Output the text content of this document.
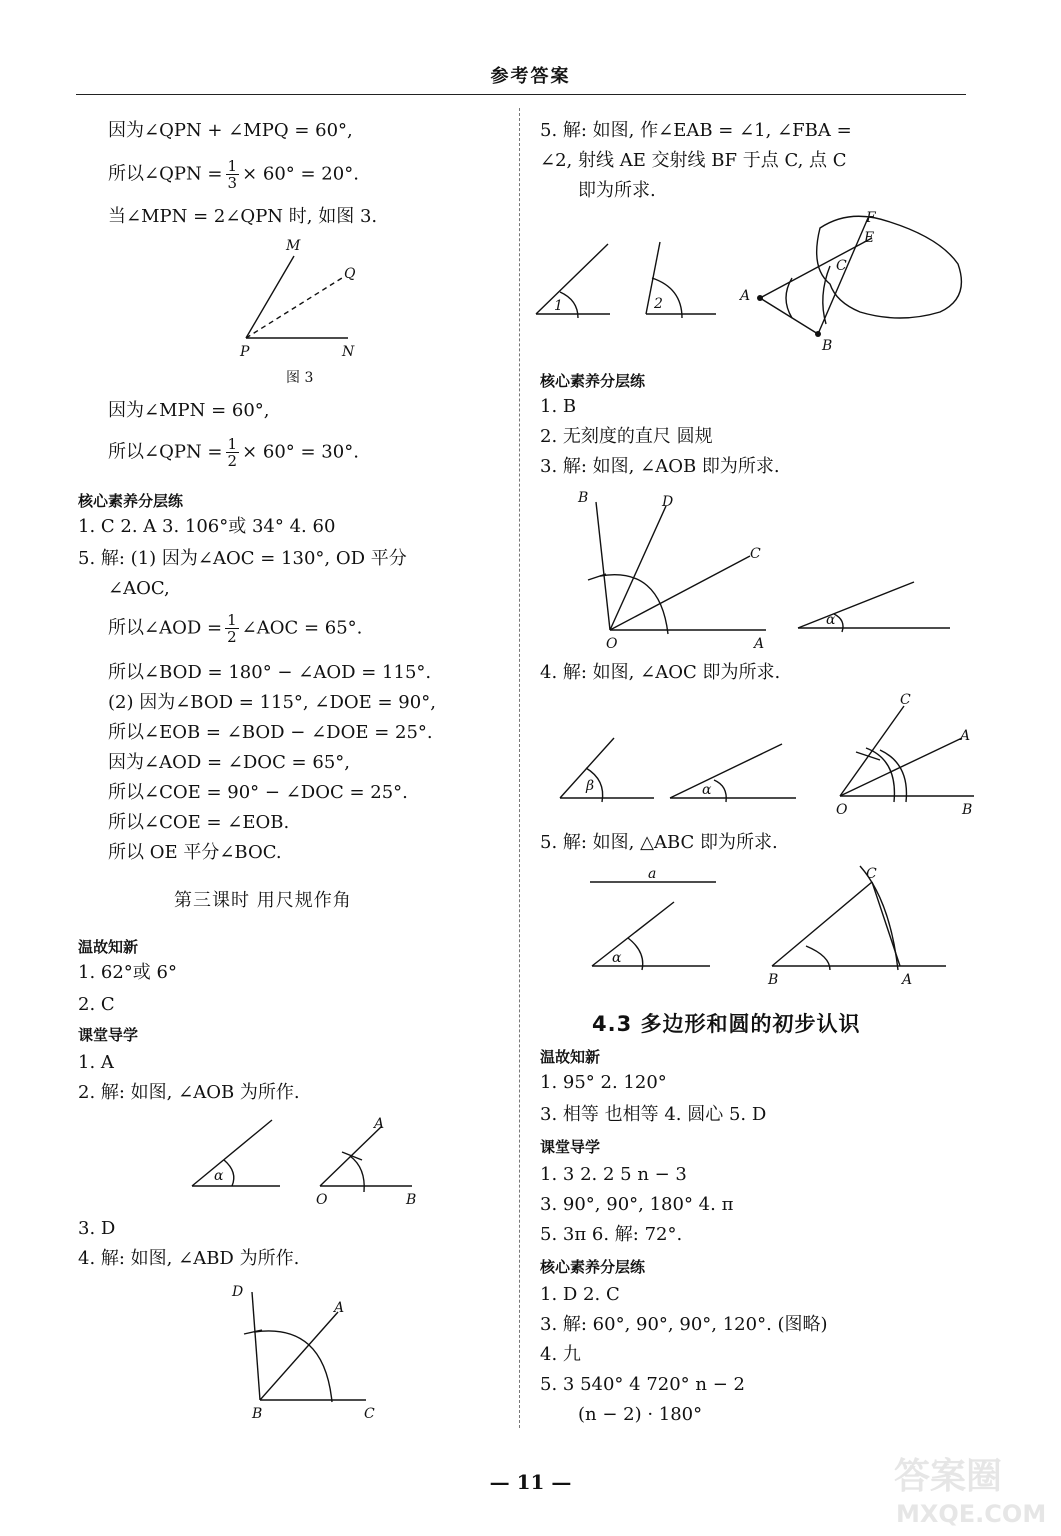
参考答案
因为∠QPN + ∠MPQ = 60°,
所以∠QPN = $\frac{1}{3} \times 60^\circ = 20^\circ$.
当∠MPN = 2∠QPN 时, 如图 3.
M
Q
P	N
图 3
因为∠MPN = 60°,
所以∠QPN = $\frac{1}{2} \times 60^\circ = 30^\circ$.
核心素养分层练
1. C 2. A 3. 106°或 34° 4. 60
5. 解: (1) 因为∠AOC = 130°, OD 平分
∠AOC,
所以∠AOD = $\frac{1}{2}$ ∠AOC = 65°.
所以∠BOD = 180° − ∠AOD = 115°.
(2) 因为∠BOD = 115°, ∠DOE = 90°,
所以∠EOB = ∠BOD − ∠DOE = 25°.
因为∠AOD = ∠DOC = 65°,
所以∠COE = 90° − ∠DOC = 25°.
所以∠COE = ∠EOB.
所以 OE 平分∠BOC.
第三课时 用尺规作角
温故知新
1. 62°或 6°
2. C
课堂导学
1. A
2. 解: 如图, ∠AOB 为所作.
α
A
O	B
3. D
4. 解: 如图, ∠ABD 为所作.
D
A
B	C
5. 解: 如图, 作∠EAB = ∠1, ∠FBA =
∠2, 射线 AE 交射线 BF 于点 C, 点 C
即为所求.
1	2	A
B
C
E
F
核心素养分层练
1. B
2. 无刻度的直尺 圆规
3. 解: 如图, ∠AOB 即为所求.
B	D
C
O	A
α
4. 解: 如图, ∠AOC 即为所求.
β	α
C
A
O	B
5. 解: 如图, △ABC 即为所求.
a
α
B	A
C
4.3 多边形和圆的初步认识
温故知新
1. 95° 2. 120°
3. 相等 也相等 4. 圆心 5. D
课堂导学
1. 3 2. 2 5 n − 3
3. 90°, 90°, 180° 4. π
5. 3π 6. 解: 72°.
核心素养分层练
1. D 2. C
3. 解: 60°, 90°, 90°, 120°. (图略)
4. 九
5. 3 540° 4 720° n − 2
(n − 2) · 180°
— 11 —	答案圈
MXQE.COM
